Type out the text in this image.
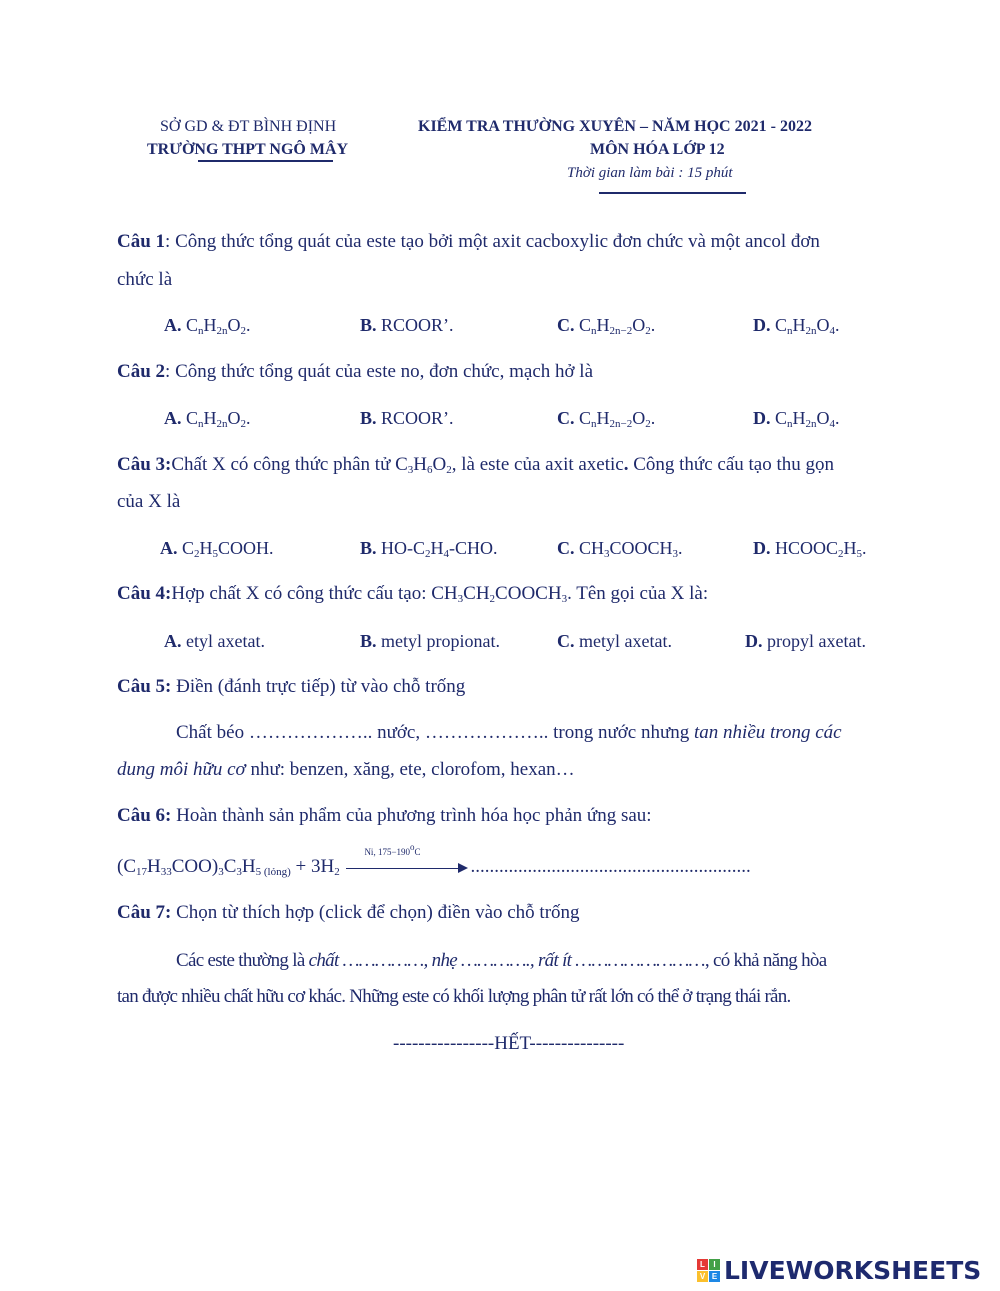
SỞ GD & ĐT BÌNH ĐỊNH
TRƯỜNG THPT NGÔ MÂY
KIỂM TRA THƯỜNG XUYÊN – NĂM HỌC 2021 - 2022
MÔN HÓA LỚP 12
Thời gian làm bài : 15 phút
Câu 1: Công thức tổng quát của este tạo bởi một axit cacboxylic đơn chức và một ancol đơn
chức là
A. $C_nH_{2n}O_2$.	B. RCOOR’.	C. $C_nH_{2n-2}O_2$.	D. $C_nH_{2n}O_4$.
Câu 2: Công thức tổng quát của este no, đơn chức, mạch hở là
A. $C_nH_{2n}O_2$.	B. RCOOR’.	C. $C_nH_{2n-2}O_2$.	D. $C_nH_{2n}O_4$.
Câu 3:Chất X có công thức phân tử $C_3H_6O_2$, là este của axit axetic. Công thức cấu tạo thu gọn
của X là
A. $C_2H_5COOH$.	B. $HO-C_2H_4$-CHO.	C. $CH_3COOCH_3$.	D. $HCOOC_2H_5$.
Câu 4:Hợp chất X có công thức cấu tạo: $CH_3CH_2COOCH_3$. Tên gọi của X là:
A. etyl axetat.	B. metyl propionat.	C. metyl axetat.	D. propyl axetat.
Câu 5: Điền (đánh trực tiếp) từ vào chỗ trống
Chất béo ……………….. nước, ……………….. trong nước nhưng tan nhiều trong các
dung môi hữu cơ như: benzen, xăng, ete, clorofom, hexan…
Câu 6: Hoàn thành sản phẩm của phương trình hóa học phản ứng sau:
$(C_{17}H_{33}COO)_3C_3H_{5 (lỏng)} + 3H_2$
Ni, $175-190^oC$
...........................................................
Câu 7: Chọn từ thích hợp (click để chọn) điền vào chỗ trống
Các este thường là chất ……………, nhẹ …………., rất ít ……………………, có khả năng hòa
tan được nhiều chất hữu cơ khác. Những este có khối lượng phân tử rất lớn có thể ở trạng thái rắn.
----------------HẾT---------------
L	I
V E LIVEWORKSHEETS
